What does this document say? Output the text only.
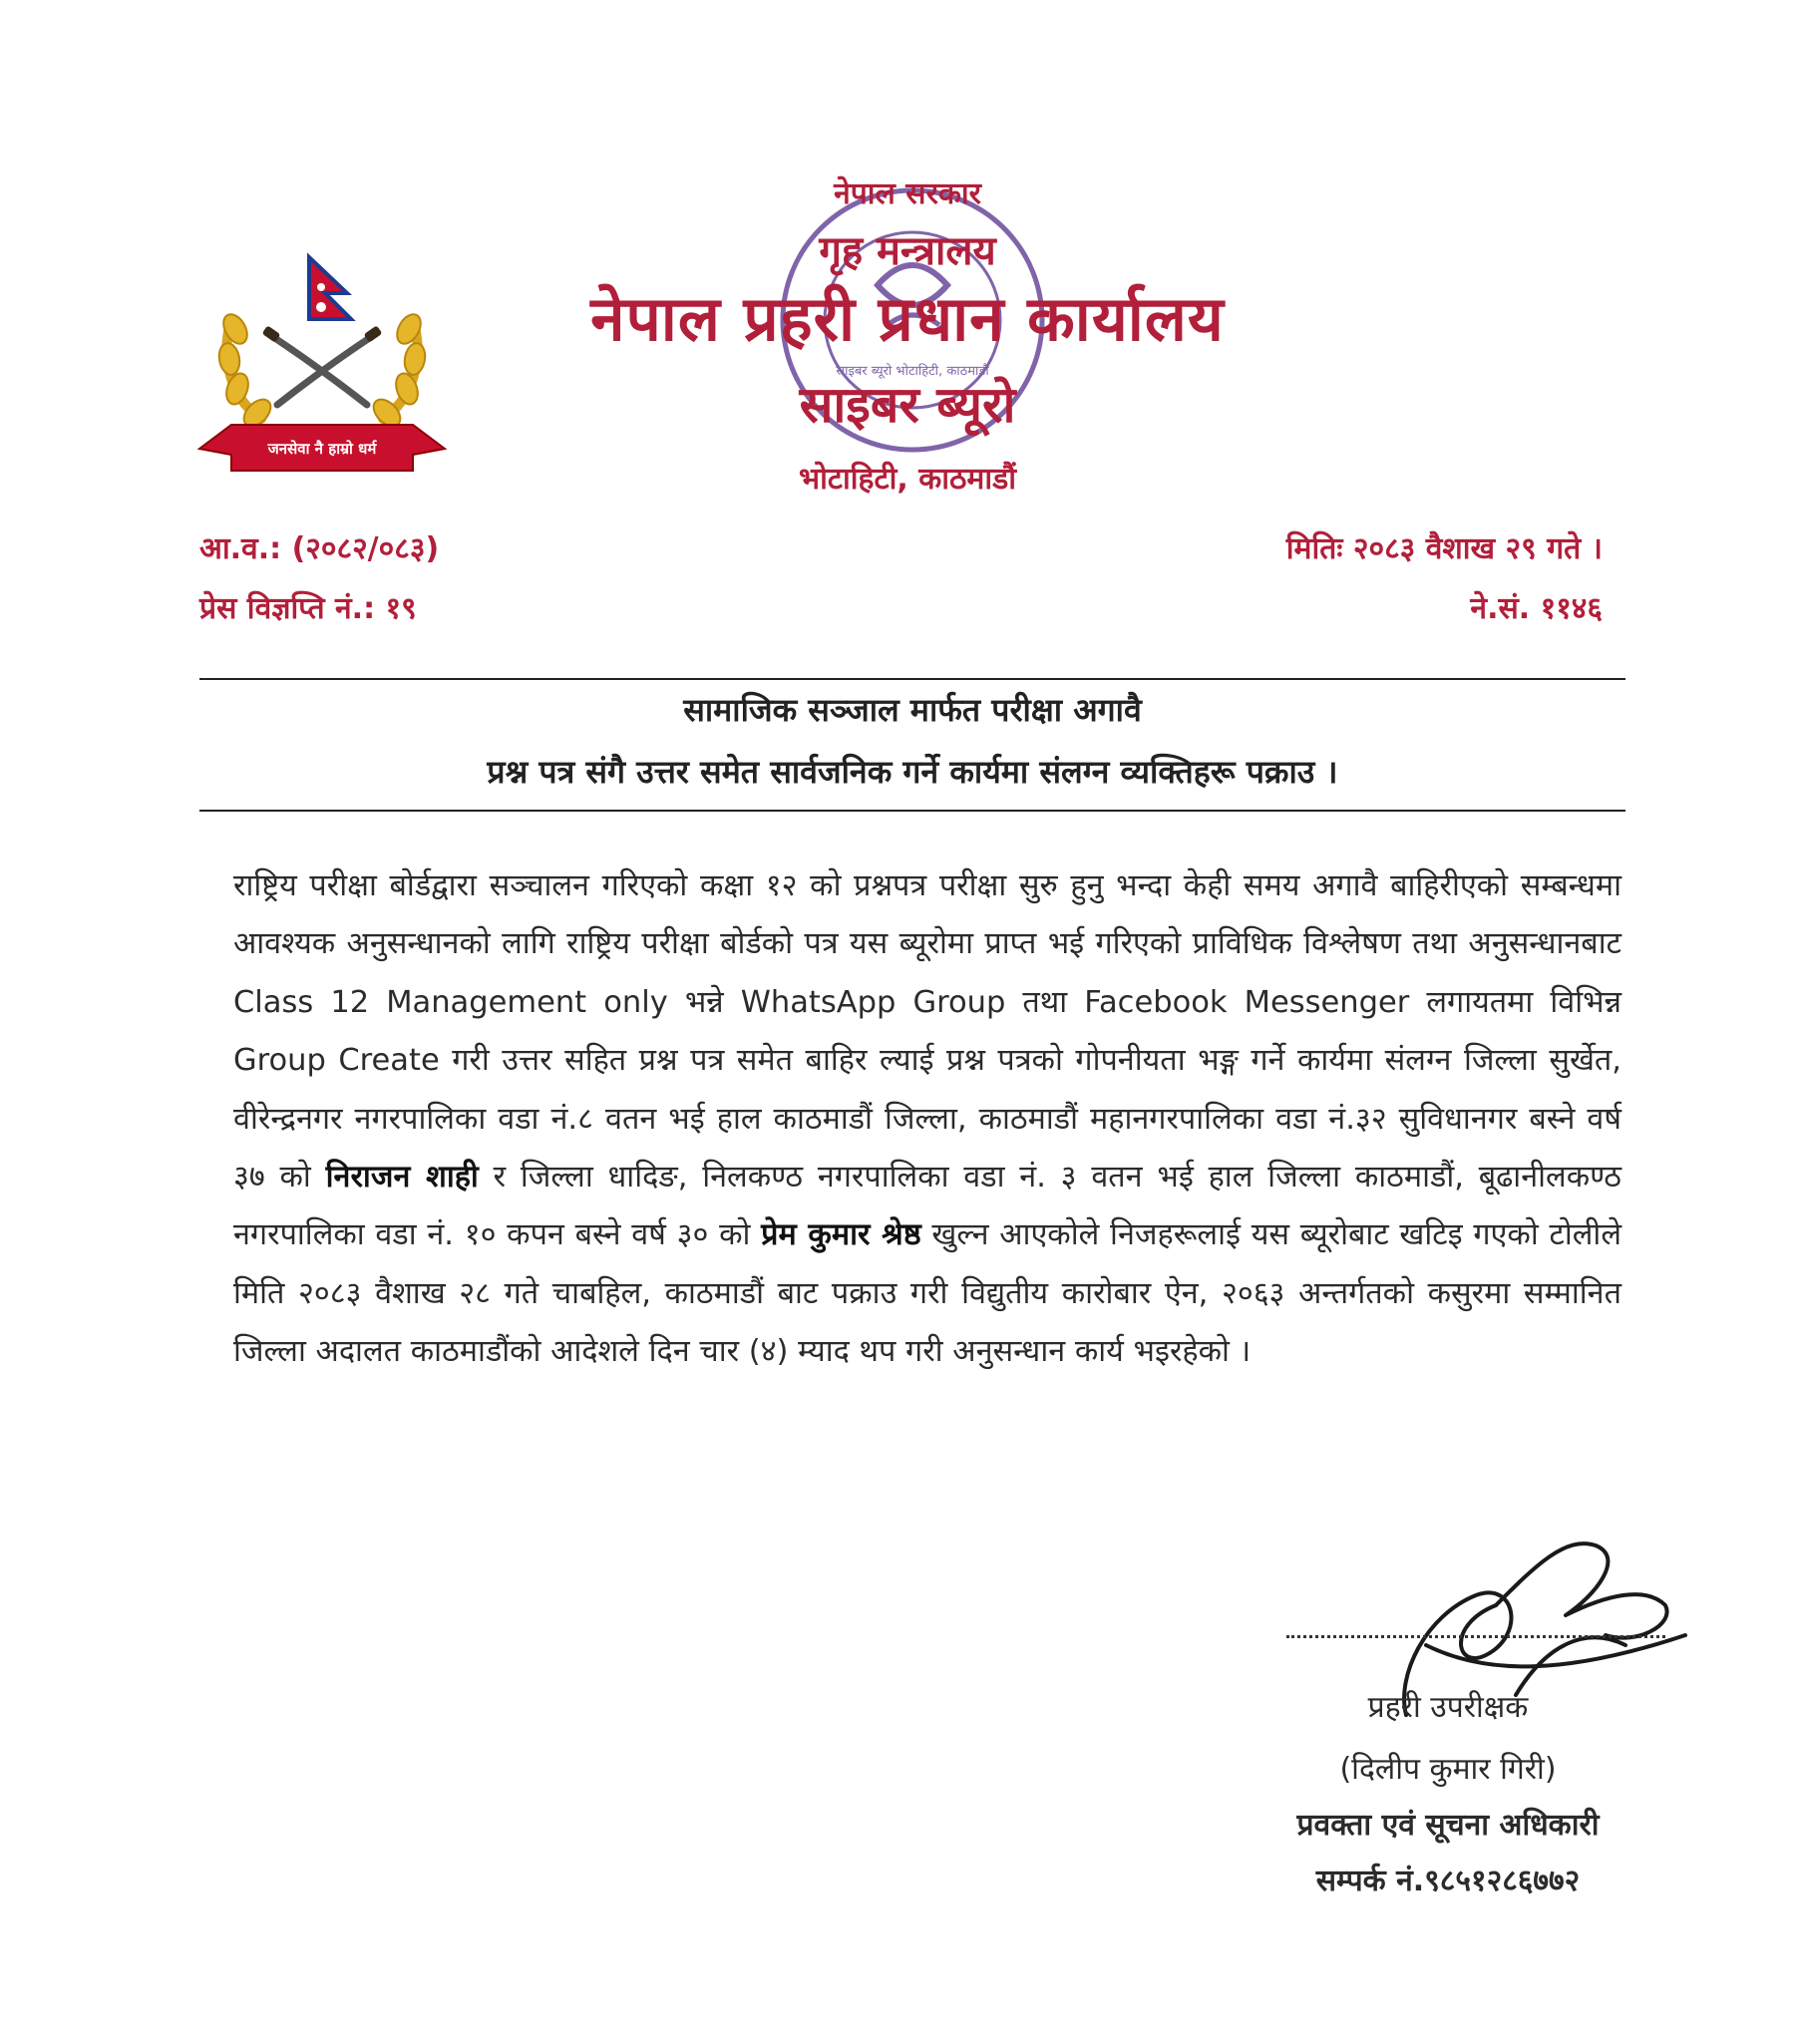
जनसेवा नै हाम्रो धर्म
साइबर ब्यूरो भोटाहिटी, काठमाडौं
नेपाल सरकार
गृह मन्त्रालय
नेपाल प्रहरी प्रधान कार्यालय
साइबर ब्यूरो
भोटाहिटी, काठमाडौं
आ.व.: (२०८२/०८३)
प्रेस विज्ञप्ति नं.: १९
मितिः २०८३ वैशाख २९ गते ।
ने.सं. ११४६
सामाजिक सञ्जाल मार्फत परीक्षा अगावै
प्रश्न पत्र संगै उत्तर समेत सार्वजनिक गर्ने कार्यमा संलग्न व्यक्तिहरू पक्राउ ।
राष्ट्रिय परीक्षा बोर्डद्वारा सञ्चालन गरिएको कक्षा १२ को प्रश्नपत्र परीक्षा सुरु हुनु भन्दा केही समय अगावै बाहिरीएको सम्बन्धमा आवश्यक अनुसन्धानको लागि राष्ट्रिय परीक्षा बोर्डको पत्र यस ब्यूरोमा प्राप्त भई गरिएको प्राविधिक विश्लेषण तथा अनुसन्धानबाट Class 12 Management only भन्ने WhatsApp Group तथा Facebook Messenger लगायतमा विभिन्न Group Create गरी उत्तर सहित प्रश्न पत्र समेत बाहिर ल्याई प्रश्न पत्रको गोपनीयता भङ्ग गर्ने कार्यमा संलग्न जिल्ला सुर्खेत, वीरेन्द्रनगर नगरपालिका वडा नं.८ वतन भई हाल काठमाडौं जिल्ला, काठमाडौं महानगरपालिका वडा नं.३२ सुविधानगर बस्ने वर्ष ३७ को निराजन शाही र जिल्ला धादिङ, निलकण्ठ नगरपालिका वडा नं. ३ वतन भई हाल जिल्ला काठमाडौं, बूढानीलकण्ठ नगरपालिका वडा नं. १० कपन बस्ने वर्ष ३० को प्रेम कुमार श्रेष्ठ खुल्न आएकोले निजहरूलाई यस ब्यूरोबाट खटिइ गएको टोलीले मिति २०८३ वैशाख २८ गते चाबहिल, काठमाडौं बाट पक्राउ गरी विद्युतीय कारोबार ऐन, २०६३ अन्तर्गतको कसुरमा सम्मानित जिल्ला अदालत काठमाडौंको आदेशले दिन चार (४) म्याद थप गरी अनुसन्धान कार्य भइरहेको ।
प्रहरी उपरीक्षक
(दिलीप कुमार गिरी)
प्रवक्ता एवं सूचना अधिकारी
सम्पर्क नं.९८५१२८६७७२
